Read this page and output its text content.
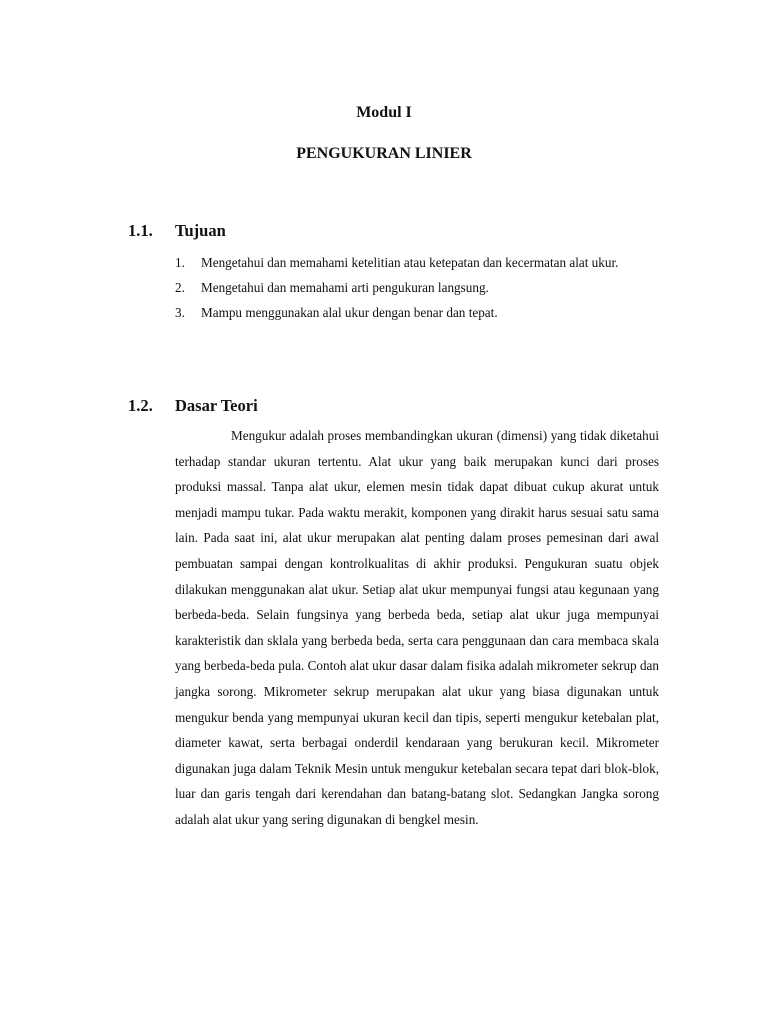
Modul I
PENGUKURAN LINIER
1.1. Tujuan
1. Mengetahui dan memahami ketelitian atau ketepatan dan kecermatan alat ukur.
2. Mengetahui dan memahami arti pengukuran langsung.
3. Mampu menggunakan alal ukur dengan benar dan tepat.
1.2. Dasar Teori

Mengukur adalah proses membandingkan ukuran (dimensi) yang tidak diketahui terhadap standar ukuran tertentu. Alat ukur yang baik merupakan kunci dari proses produksi massal. Tanpa alat ukur, elemen mesin tidak dapat dibuat cukup akurat untuk menjadi mampu tukar. Pada waktu merakit, komponen yang dirakit harus sesuai satu sama lain. Pada saat ini, alat ukur merupakan alat penting dalam proses pemesinan dari awal pembuatan sampai dengan kontrolkualitas di akhir produksi. Pengukuran suatu objek dilakukan menggunakan alat ukur. Setiap alat ukur mempunyai fungsi atau kegunaan yang berbeda-beda. Selain fungsinya yang berbeda beda, setiap alat ukur juga mempunyai karakteristik dan sklala yang berbeda beda, serta cara penggunaan dan cara membaca skala yang berbeda-beda pula. Contoh alat ukur dasar dalam fisika adalah mikrometer sekrup dan jangka sorong. Mikrometer sekrup merupakan alat ukur yang biasa digunakan untuk mengukur benda yang mempunyai ukuran kecil dan tipis, seperti mengukur ketebalan plat, diameter kawat, serta berbagai onderdil kendaraan yang berukuran kecil. Mikrometer digunakan juga dalam Teknik Mesin untuk mengukur ketebalan secara tepat dari blok-blok, luar dan garis tengah dari kerendahan dan batang-batang slot. Sedangkan Jangka sorong adalah alat ukur yang sering digunakan di bengkel mesin.
